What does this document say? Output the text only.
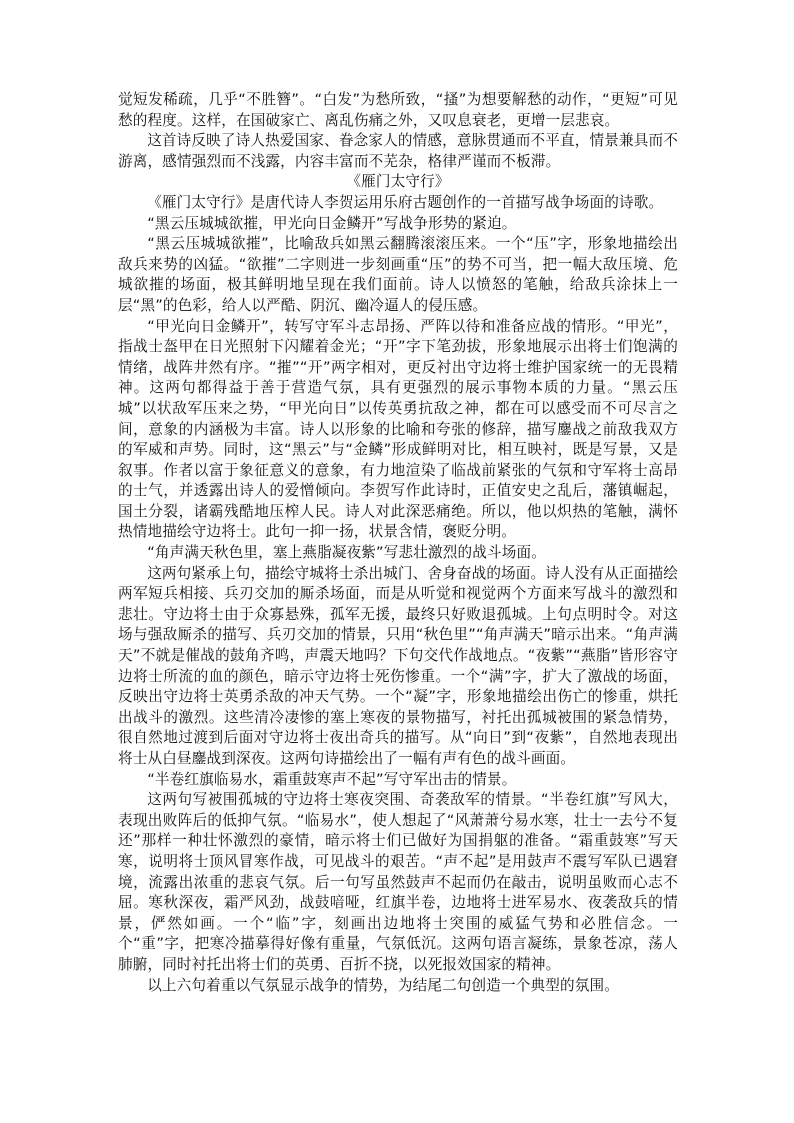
觉短发稀疏，几乎“不胜簪”。“白发”为愁所致，“搔”为想要解愁的动作，“更短”可见愁的程度。这样，在国破家亡、离乱伤痛之外，又叹息衰老，更增一层悲哀。

这首诗反映了诗人热爱国家、眷念家人的情感，意脉贯通而不平直，情景兼具而不游离，感情强烈而不浅露，内容丰富而不芜杂，格律严谨而不板滞。

《雁门太守行》

《雁门太守行》是唐代诗人李贺运用乐府古题创作的一首描写战争场面的诗歌。

“黑云压城城欲摧，甲光向日金鳞开”写战争形势的紧迫。

“黑云压城城欲摧”，比喻敌兵如黑云翻腾滚滚压来。一个“压”字，形象地描绘出敌兵来势的凶猛。“欲摧”二字则进一步刻画重“压”的势不可当，把一幅大敌压境、危城欲摧的场面，极其鲜明地呈现在我们面前。诗人以愤怒的笔触，给敌兵涂抹上一层“黑”的色彩，给人以严酷、阴沉、幽冷逼人的侵压感。

“甲光向日金鳞开”，转写守军斗志昂扬、严阵以待和准备应战的情形。“甲光”，指战士盔甲在日光照射下闪耀着金光；“开”字下笔劲拔，形象地展示出将士们饱满的情绪，战阵井然有序。“摧”“开”两字相对，更反衬出守边将士维护国家统一的无畏精神。这两句都得益于善于营造气氛，具有更强烈的展示事物本质的力量。“黑云压城”以状敌军压来之势，“甲光向日”以传英勇抗敌之神，都在可以感受而不可尽言之间，意象的内涵极为丰富。诗人以形象的比喻和夸张的修辞，描写鏖战之前敌我双方的军威和声势。同时，这“黑云”与“金鳞”形成鲜明对比，相互映衬，既是写景，又是叙事。作者以富于象征意义的意象，有力地渲染了临战前紧张的气氛和守军将士高昂的士气，并透露出诗人的爱憎倾向。李贺写作此诗时，正值安史之乱后，藩镇崛起，国土分裂，诸霸残酷地压榨人民。诗人对此深恶痛绝。所以，他以炽热的笔触，满怀热情地描绘守边将士。此句一抑一扬，状景含情，褒贬分明。

“角声满天秋色里，塞上燕脂凝夜紫”写悲壮激烈的战斗场面。

这两句紧承上句，描绘守城将士杀出城门、舍身奋战的场面。诗人没有从正面描绘两军短兵相接、兵刃交加的厮杀场面，而是从听觉和视觉两个方面来写战斗的激烈和悲壮。守边将士由于众寡悬殊，孤军无援，最终只好败退孤城。上句点明时令。对这场与强敌厮杀的描写、兵刃交加的情景，只用“秋色里”“角声满天”暗示出来。“角声满天”不就是催战的鼓角齐鸣，声震天地吗？下句交代作战地点。“夜紫”“燕脂”皆形容守边将士所流的血的颜色，暗示守边将士死伤惨重。一个“满”字，扩大了激战的场面，反映出守边将士英勇杀敌的冲天气势。一个“凝”字，形象地描绘出伤亡的惨重，烘托出战斗的激烈。这些清冷凄惨的塞上寒夜的景物描写，衬托出孤城被围的紧急情势，很自然地过渡到后面对守边将士夜出奇兵的描写。从“向日”到“夜紫”，自然地表现出将士从白昼鏖战到深夜。这两句诗描绘出了一幅有声有色的战斗画面。

“半卷红旗临易水，霜重鼓寒声不起”写守军出击的情景。

这两句写被围孤城的守边将士寒夜突围、奇袭敌军的情景。“半卷红旗”写风大，表现出败阵后的低抑气氛。“临易水”，使人想起了“风萧萧兮易水寒，壮士一去兮不复还”那样一种壮怀激烈的豪情，暗示将士们已做好为国捐躯的准备。“霜重鼓寒”写天寒，说明将士顶风冒寒作战，可见战斗的艰苦。“声不起”是用鼓声不震写军队已遇窘境，流露出浓重的悲哀气氛。后一句写虽然鼓声不起而仍在敲击，说明虽败而心志不屈。寒秋深夜，霜严风劲，战鼓喑哑，红旗半卷，边地将士进军易水、夜袭敌兵的情景，俨然如画。一个“临”字，刻画出边地将士突围的威猛气势和必胜信念。一个“重”字，把寒冷描摹得好像有重量，气氛低沉。这两句语言凝练，景象苍凉，荡人肺腑，同时衬托出将士们的英勇、百折不挠，以死报效国家的精神。

以上六句着重以气氛显示战争的情势，为结尾二句创造一个典型的氛围。
